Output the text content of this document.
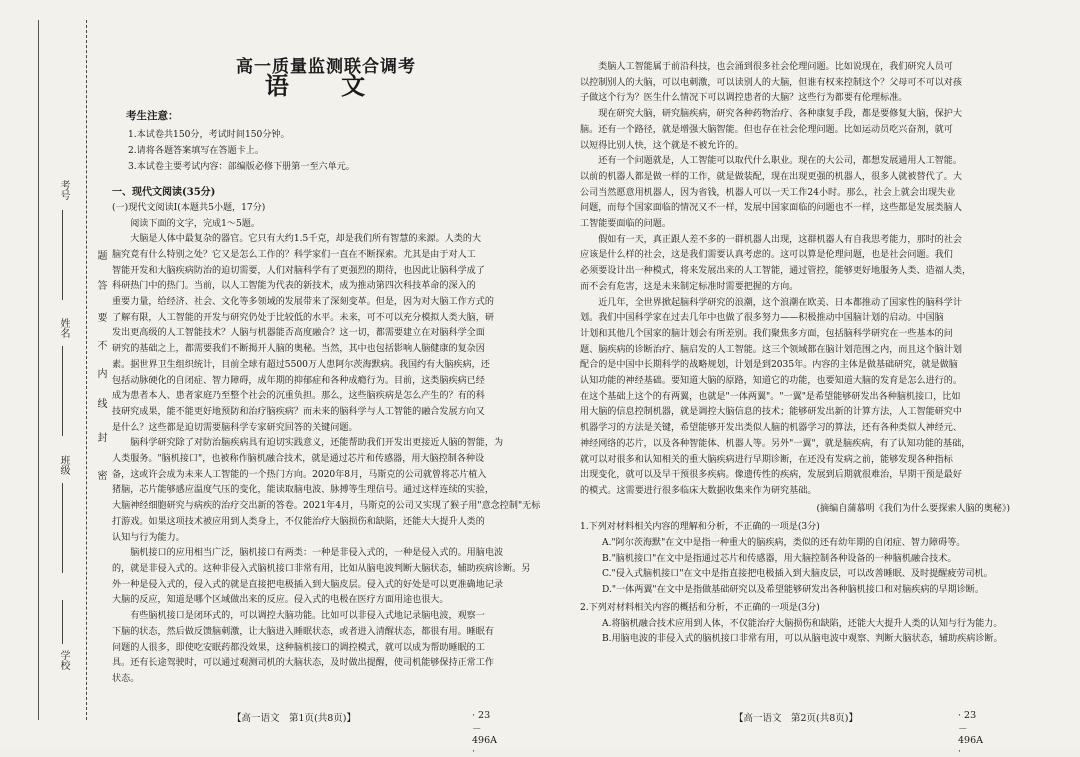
考号
姓名
班级
学校
密
封
线
内
不
要
答
题
高一质量监测联合调考
语 文
考生注意：
1.本试卷共150分，考试时间150分钟。
2.请将各题答案填写在答题卡上。
3.本试卷主要考试内容：部编版必修下册第一至六单元。
一、现代文阅读(35分)
(一)现代文阅读Ⅰ(本题共5小题，17分)
阅读下面的文字，完成1～5题。
大脑是人体中最复杂的器官。它只有大约1.5千克，却是我们所有智慧的来源。人类的大
脑究竟有什么特别之处？它又是怎么工作的？科学家们一直在不断探索。尤其是由于对人工
智能开发和大脑疾病防治的迫切需要，人们对脑科学有了更强烈的期待，也因此让脑科学成了
科研热门中的热门。当前，以人工智能为代表的新技术，成为推动第四次科技革命的深入的
重要力量，给经济、社会、文化等多领域的发展带来了深刻变革。但是，因为对大脑工作方式的
了解有限，人工智能的开发与研究仍处于比较低的水平。未来，可不可以充分模拟人类大脑，研
发出更高级的人工智能技术？人脑与机器能否高度融合？这一切，都需要建立在对脑科学全面
研究的基础之上，都需要我们不断揭开人脑的奥秘。当然，其中也包括影响人脑健康的复杂因
素。据世界卫生组织统计，目前全球有超过5500万人患阿尔茨海默病。我国约有大脑疾病，还
包括动脉硬化的自闭症、智力障碍，成年期的抑郁症和各种成瘾行为。目前，这类脑疾病已经
成为患者本人、患者家庭乃至整个社会的沉重负担。那么，这些脑疾病是怎么产生的？有的科
技研究成果，能不能更好地预防和治疗脑疾病？而未来的脑科学与人工智能的融合发展方向又
是什么？这些都是迫切需要脑科学专家研究回答的关键问题。
脑科学研究除了对防治脑疾病具有迫切实践意义，还能帮助我们开发出更接近人脑的智能，为
人类服务。"脑机接口"，也被称作脑机融合技术，就是通过芯片和传感器，用大脑控制各种设
备，这或许会成为未来人工智能的一个热门方向。2020年8月，马斯克的公司就曾将芯片植入
猪脑，芯片能够感应温度气压的变化，能读取脑电波、脉搏等生理信号。通过这样连续的实验，
大脑神经细胞研究与病疾的治疗交出新的答卷。2021年4月，马斯克的公司又实现了猴子用"意念控制"无标
打游戏。如果这项技术被应用到人类身上，不仅能治疗大脑损伤和缺陷，还能大大提升人类的
认知与行为能力。
脑机接口的应用相当广泛，脑机接口有两类：一种是非侵入式的，一种是侵入式的。用脑电波
的，就是非侵入式的。这种非侵入式脑机接口非常有用，比如从脑电波判断大脑状态，辅助疾病诊断。另
外一种是侵入式的，侵入式的就是直接把电极插入到大脑皮层。侵入式的好处是可以更准确地记录
大脑的反应，知道是哪个区域做出来的反应。侵入式的电极在医疗方面用途也很大。
有些脑机接口是闭环式的，可以调控大脑功能。比如可以非侵入式地记录脑电波，观察一
下脑的状态，然后做反馈脑刺激，让大脑进入睡眠状态，或者进入清醒状态，都很有用。睡眠有
问题的人很多，即使吃安眠药都没效果，这种脑机接口的调控模式，就可以成为帮助睡眠的工
具。还有长途驾驶时，可以通过观测司机的大脑状态，及时做出提醒，使司机能够保持正常工作
状态。
类脑人工智能属于前沿科技，也会涌到很多社会伦理问题。比如说现在，我们研究人员可
以控制别人的大脑，可以电刺激，可以读别人的大脑，但谁有权来控制这个？父母可不可以对孩
子做这个行为？医生什么情况下可以调控患者的大脑？这些行为都要有伦理标准。
现在研究大脑，研究脑疾病，研究各种药物治疗、各种康复手段，都是要修复大脑，保护大
脑。还有一个路径，就是增强大脑智能。但也存在社会伦理问题。比如运动员吃兴奋剂，就可
以短得比别人快，这个就是不被允许的。
还有一个问题就是，人工智能可以取代什么职业。现在的大公司，都想发展通用人工智能。
以前的机器人都是做一样的工作，就是做装配，现在出现更强的机器人，很多人就被替代了。大
公司当然愿意用机器人，因为省钱，机器人可以一天工作24小时。那么，社会上就会出现失业
问题，而每个国家面临的情况又不一样，发展中国家面临的问题也不一样，这些都是发展类脑人
工智能要面临的问题。
假如有一天，真正跟人差不多的一群机器人出现，这群机器人有自我思考能力，那时的社会
应该是什么样的社会，这是我们需要认真考虑的。这可以算是伦理问题，也是社会问题。我们
必须要设计出一种模式，将来发展出来的人工智能，通过管控，能够更好地服务人类、造福人类，
而不会有危害，这是未来制定标准时需要把握的方向。
近几年，全世界掀起脑科学研究的浪潮，这个浪潮在欧美、日本都推动了国家性的脑科学计
划。我们中国科学家在过去几年中也做了很多努力——积极推动中国脑计划的启动。中国脑
计划和其他几个国家的脑计划会有所差别。我们聚焦多方面，包括脑科学研究在一些基本的问
题、脑疾病的诊断治疗、脑启发的人工智能。这三个领域都在脑计划范围之内，而且这个脑计划
配合的是中国中长期科学的战略规划，计划是到2035年。内容的主体是做基础研究，就是做脑
认知功能的神经基础。要知道大脑的原路，知道它的功能，也要知道大脑的发育是怎么进行的。
在这个基础上这个的有两翼，也就是"一体两翼"。"一翼"是希望能够研发出各种脑机接口，比如
用大脑的信息控制机器，就是调控大脑信息的技术；能够研发出新的计算方法，人工智能研究中
机器学习的方法是关键，希望能够开发出类似人脑的机器学习的算法，还有各种类似人神经元、
神经网络的芯片，以及各种智能体、机器人等。另外"一翼"，就是脑疾病，有了认知功能的基础，
就可以对很多和认知相关的重大脑疾病进行早期诊断，在还没有发病之前，能够发现各种指标
出现变化，就可以及早干预很多疾病。像遗传性的疾病，发展到后期就很难治，早期干预是最好
的模式。这需要进行很多临床大数据收集来作为研究基础。
(摘编自蒲慕明《我们为什么要探索人脑的奥秘》)
1.下列对材料相关内容的理解和分析，不正确的一项是(3分)
A."阿尔茨海默"在文中是指一种重大的脑疾病，类似的还有幼年期的自闭症、智力障碍等。
B."脑机接口"在文中是指通过芯片和传感器，用大脑控制各种设备的一种脑机融合技术。
C."侵入式脑机接口"在文中是指直接把电极插入到大脑皮层，可以改善睡眠、及时提醒疲劳司机。
D."一体两翼"在文中是指做基础研究以及希望能够研发出各种脑机接口和对脑疾病的早期诊断。
2.下列对材料相关内容的概括和分析，不正确的一项是(3分)
A.将脑机融合技术应用到人体，不仅能治疗大脑损伤和缺陷，还能大大提升人类的认知与行为能力。
B.用脑电波的非侵入式的脑机接口非常有用，可以从脑电波中观察、判断大脑状态，辅助疾病诊断。
【高一语文　第1页(共8页)】	· 23－496A ·
【高一语文　第2页(共8页)】	· 23－496A ·
